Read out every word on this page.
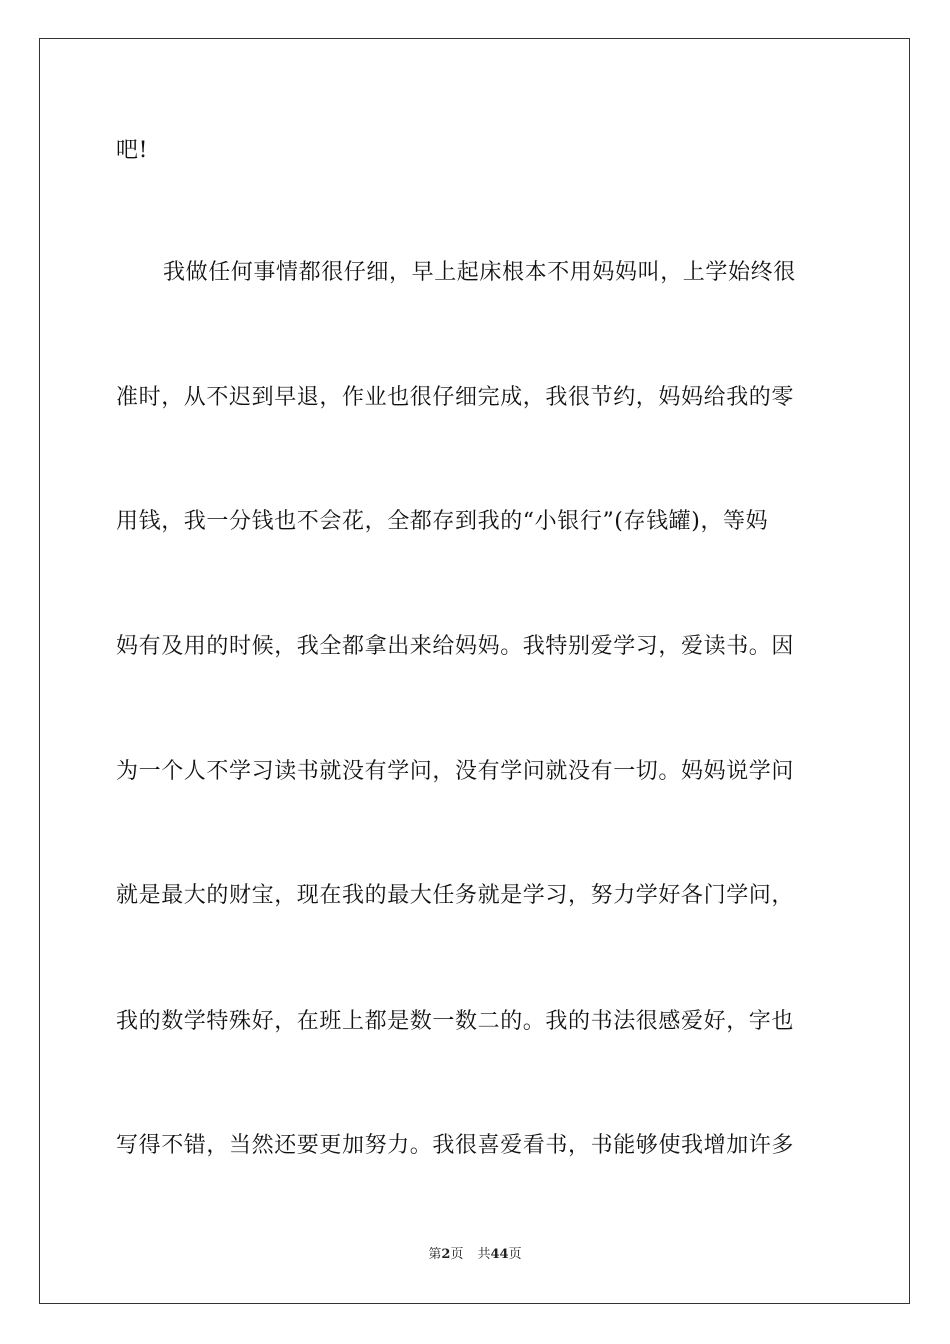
吧!
我做任何事情都很仔细，早上起床根本不用妈妈叫，上学始终很
准时，从不迟到早退，作业也很仔细完成，我很节约，妈妈给我的零
用钱，我一分钱也不会花，全都存到我的“小银行”(存钱罐)，等妈
妈有及用的时候，我全都拿出来给妈妈。我特别爱学习，爱读书。因
为一个人不学习读书就没有学问，没有学问就没有一切。妈妈说学问
就是最大的财宝，现在我的最大任务就是学习，努力学好各门学问，
我的数学特殊好，在班上都是数一数二的。我的书法很感爱好，字也
写得不错，当然还要更加努力。我很喜爱看书，书能够使我增加许多
第2页 共44页
